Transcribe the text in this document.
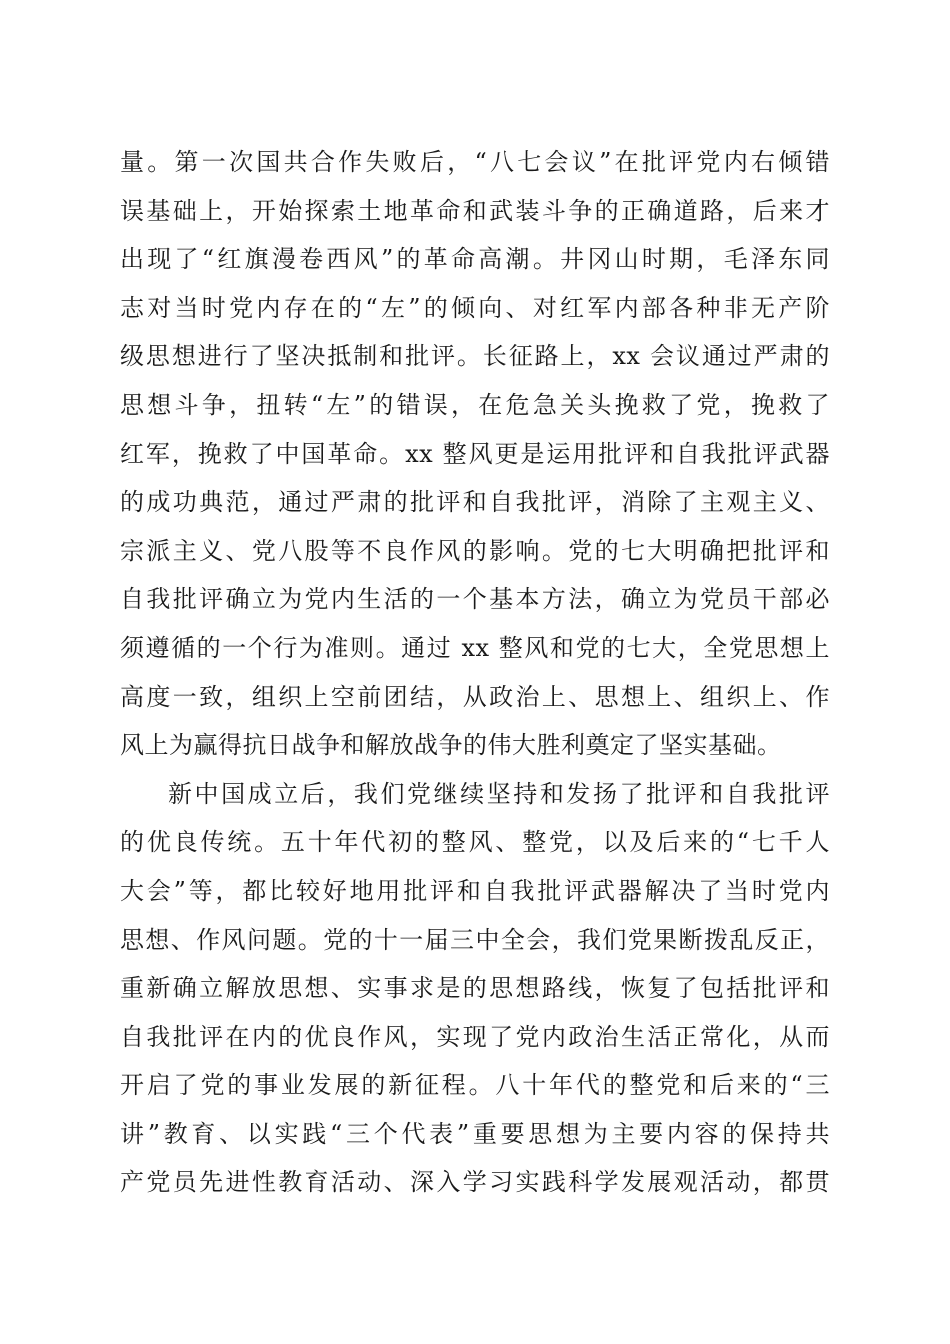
量。第一次国共合作失败后，“八七会议”在批评党内右倾错
误基础上，开始探索土地革命和武装斗争的正确道路，后来才
出现了“红旗漫卷西风”的革命高潮。井冈山时期，毛泽东同
志对当时党内存在的“左”的倾向、对红军内部各种非无产阶
级思想进行了坚决抵制和批评。长征路上，xx 会议通过严肃的
思想斗争，扭转“左”的错误，在危急关头挽救了党，挽救了
红军，挽救了中国革命。xx 整风更是运用批评和自我批评武器
的成功典范，通过严肃的批评和自我批评，消除了主观主义、
宗派主义、党八股等不良作风的影响。党的七大明确把批评和
自我批评确立为党内生活的一个基本方法，确立为党员干部必
须遵循的一个行为准则。通过 xx 整风和党的七大，全党思想上
高度一致，组织上空前团结，从政治上、思想上、组织上、作
风上为赢得抗日战争和解放战争的伟大胜利奠定了坚实基础。
新中国成立后，我们党继续坚持和发扬了批评和自我批评
的优良传统。五十年代初的整风、整党，以及后来的“七千人
大会”等，都比较好地用批评和自我批评武器解决了当时党内
思想、作风问题。党的十一届三中全会，我们党果断拨乱反正，
重新确立解放思想、实事求是的思想路线，恢复了包括批评和
自我批评在内的优良作风，实现了党内政治生活正常化，从而
开启了党的事业发展的新征程。八十年代的整党和后来的“三
讲”教育、以实践“三个代表”重要思想为主要内容的保持共
产党员先进性教育活动、深入学习实践科学发展观活动，都贯
